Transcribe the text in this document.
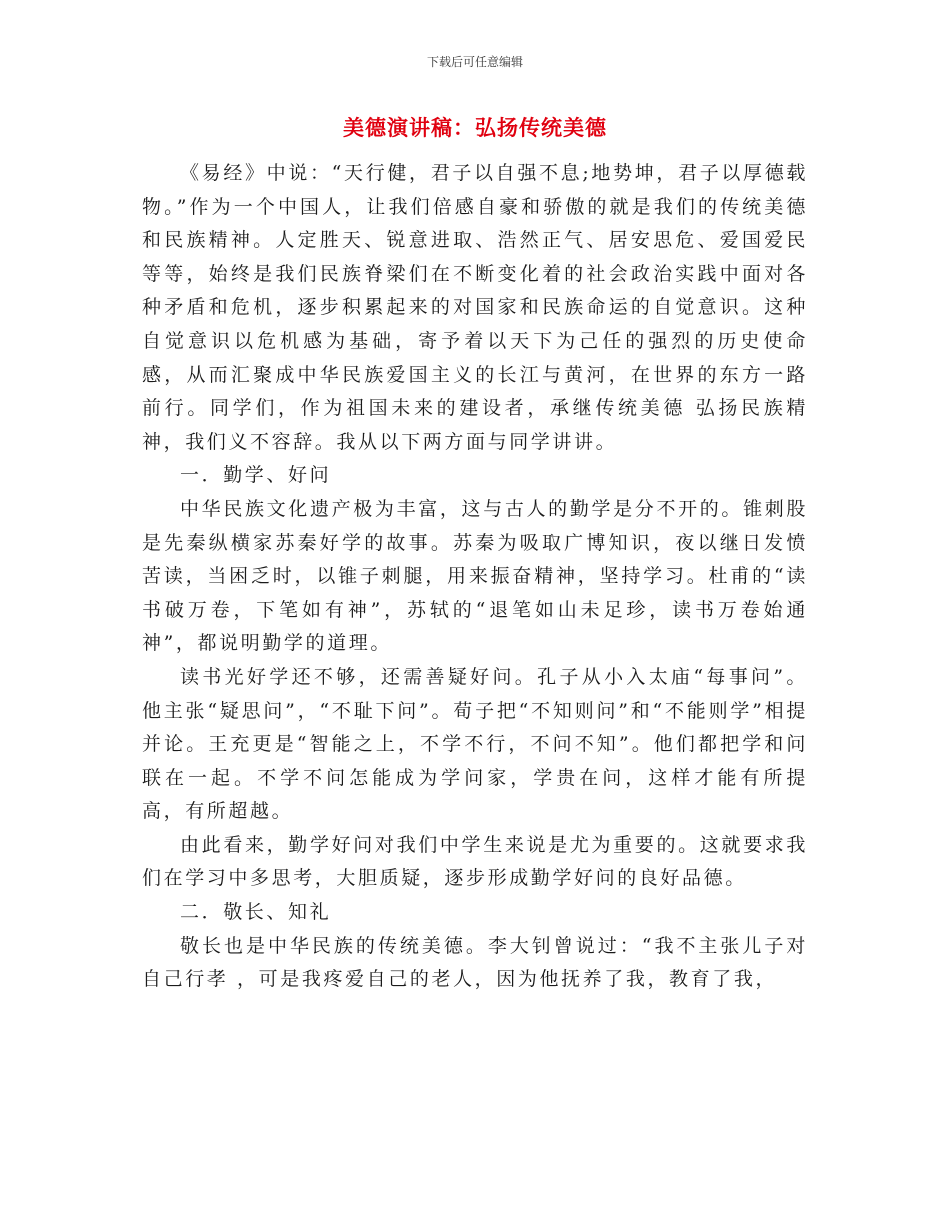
下载后可任意编辑
美德演讲稿：弘扬传统美德

《易经》中说：“天行健，君子以自强不息;地势坤，君子以厚德载物。”作为一个中国人，让我们倍感自豪和骄傲的就是我们的传统美德和民族精神。人定胜天、锐意进取、浩然正气、居安思危、爱国爱民等等，始终是我们民族脊梁们在不断变化着的社会政治实践中面对各种矛盾和危机，逐步积累起来的对国家和民族命运的自觉意识。这种自觉意识以危机感为基础，寄予着以天下为己任的强烈的历史使命感，从而汇聚成中华民族爱国主义的长江与黄河，在世界的东方一路前行。同学们，作为祖国未来的建设者，承继传统美德 弘扬民族精神，我们义不容辞。我从以下两方面与同学讲讲。

一．勤学、好问

中华民族文化遗产极为丰富，这与古人的勤学是分不开的。锥刺股是先秦纵横家苏秦好学的故事。苏秦为吸取广博知识，夜以继日发愤苦读，当困乏时，以锥子刺腿，用来振奋精神，坚持学习。杜甫的“读书破万卷，下笔如有神”，苏轼的“退笔如山未足珍，读书万卷始通神”，都说明勤学的道理。

读书光好学还不够，还需善疑好问。孔子从小入太庙“每事问”。他主张“疑思问”，“不耻下问”。荀子把“不知则问”和“不能则学”相提并论。王充更是“智能之上，不学不行，不问不知”。他们都把学和问联在一起。不学不问怎能成为学问家，学贵在问，这样才能有所提高，有所超越。

由此看来，勤学好问对我们中学生来说是尤为重要的。这就要求我们在学习中多思考，大胆质疑，逐步形成勤学好问的良好品德。

二．敬长、知礼

敬长也是中华民族的传统美德。李大钊曾说过：“我不主张儿子对自己行孝 ，可是我疼爱自己的老人，因为他抚养了我，教育了我，
